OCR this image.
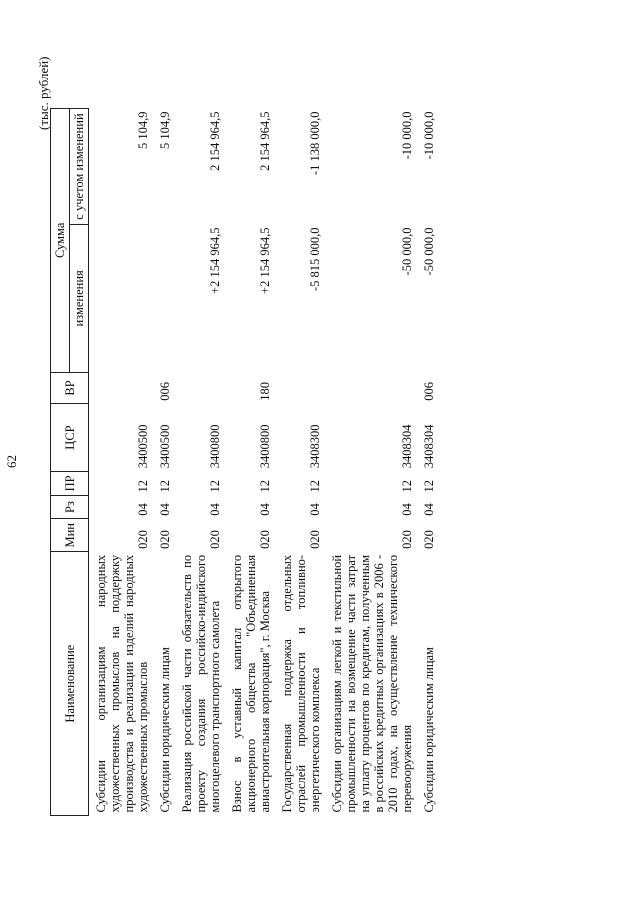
62
(тыс. рублей)
Наименование	Мин	Рз	ПР	ЦСР	ВР	Сумма	
						изменения	с учетом изменений
Субсидии организациям народных художественных промыслов на поддержку производства и реализации изделий народных художественных промыслов	020	04	12	3400500			5 104,9
Субсидии юридическим лицам	020	04	12	3400500	006		5 104,9
Реализация российской части обязательств по проекту создания российско-индийского многоцелевого транспортного самолета	020	04	12	3400800		+2 154 964,5	2 154 964,5
Взнос в уставный капитал открытого акционерного общества "Объединенная авиастроительная корпорация", г. Москва	020	04	12	3400800	180	+2 154 964,5	2 154 964,5
Государственная поддержка отдельных отраслей промышленности и топливно-энергетического комплекса	020	04	12	3408300		-5 815 000,0	-1 138 000,0
Субсидии организациям легкой и текстильной промышленности на возмещение части затрат на уплату процентов по кредитам, полученным в российских кредитных организациях в 2006 - 2010 годах, на осуществление технического перевооружения	020	04	12	3408304		-50 000,0	-10 000,0
Субсидии юридическим лицам	020	04	12	3408304	006	-50 000,0	-10 000,0
